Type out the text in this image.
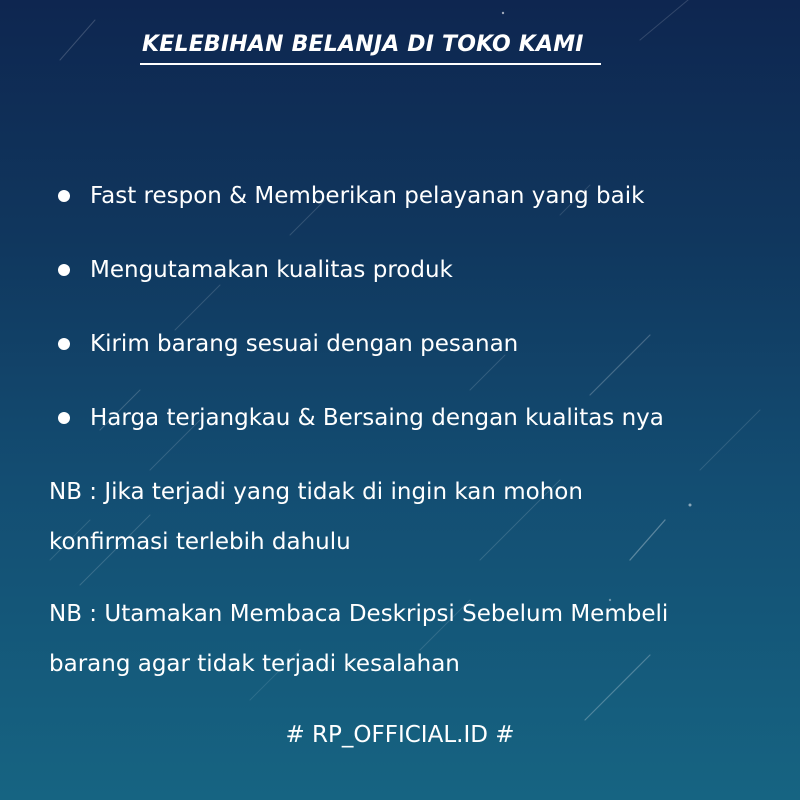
KELEBIHAN BELANJA DI TOKO KAMI
Fast respon & Memberikan pelayanan yang baik
Mengutamakan kualitas produk
Kirim barang sesuai dengan pesanan
Harga terjangkau & Bersaing dengan kualitas nya
NB : Jika terjadi yang tidak di ingin kan mohon
konfirmasi terlebih dahulu
NB : Utamakan Membaca Deskripsi Sebelum Membeli
barang agar tidak terjadi kesalahan
# RP_OFFICIAL.ID #
